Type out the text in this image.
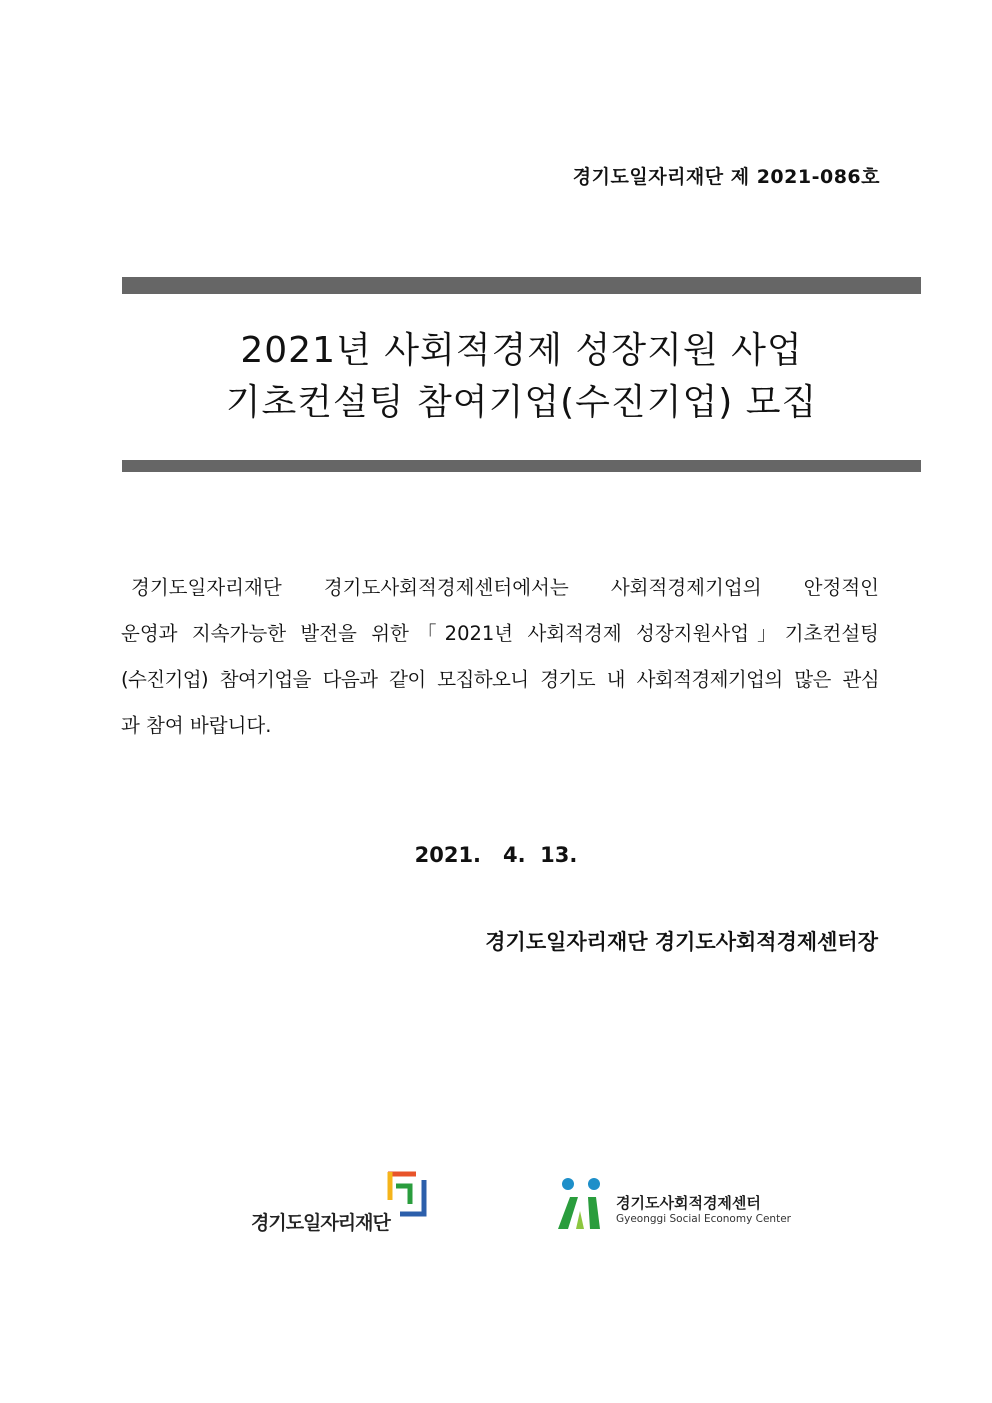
경기도일자리재단 제 2021-086호
2021년 사회적경제 성장지원 사업
기초컨설팅 참여기업(수진기업) 모집
경기도일자리재단 경기도사회적경제센터에서는 사회적경제기업의 안정적인
운영과 지속가능한 발전을 위한「2021년 사회적경제 성장지원사업」기초컨설팅
(수진기업) 참여기업을 다음과 같이 모집하오니 경기도 내 사회적경제기업의 많은 관심
과 참여 바랍니다.
2021.   4.  13.
경기도일자리재단 경기도사회적경제센터장
경기도일자리재단
경기도사회적경제센터
Gyeonggi Social Economy Center
